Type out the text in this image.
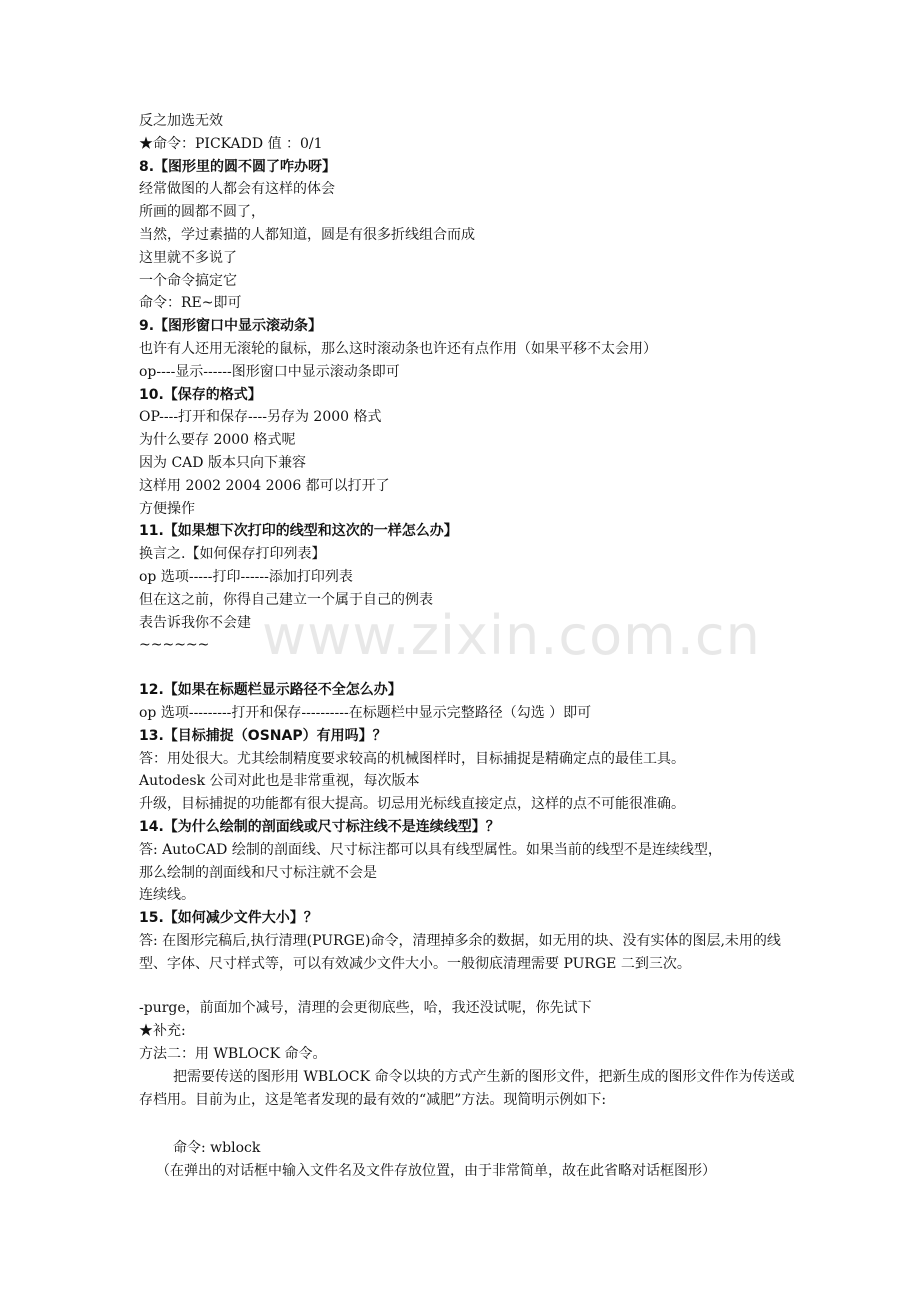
反之加选无效
★命令：PICKADD 值 ：0/1
8.【图形里的圆不圆了咋办呀】
经常做图的人都会有这样的体会
所画的圆都不圆了，
当然，学过素描的人都知道，圆是有很多折线组合而成
这里就不多说了
一个命令搞定它
命令：RE~即可
9.【图形窗口中显示滚动条】
也许有人还用无滚轮的鼠标，那么这时滚动条也许还有点作用（如果平移不太会用）
op----显示------图形窗口中显示滚动条即可
10.【保存的格式】
OP----打开和保存----另存为 2000 格式
为什么要存 2000 格式呢
因为 CAD 版本只向下兼容
这样用 2002 2004 2006 都可以打开了
方便操作
11.【如果想下次打印的线型和这次的一样怎么办】
换言之.【如何保存打印列表】
op 选项-----打印------添加打印列表
但在这之前，你得自己建立一个属于自己的例表
表告诉我你不会建
~~~~~~
12.【如果在标题栏显示路径不全怎么办】
op 选项---------打开和保存----------在标题栏中显示完整路径（勾选 ）即可
13.【目标捕捉（OSNAP）有用吗】？
答：用处很大。尤其绘制精度要求较高的机械图样时，目标捕捉是精确定点的最佳工具。
Autodesk 公司对此也是非常重视，每次版本
升级，目标捕捉的功能都有很大提高。切忌用光标线直接定点，这样的点不可能很准确。
14.【为什么绘制的剖面线或尺寸标注线不是连续线型】？
答: AutoCAD 绘制的剖面线、尺寸标注都可以具有线型属性。如果当前的线型不是连续线型，
那么绘制的剖面线和尺寸标注就不会是
连续线。
15.【如何减少文件大小】？
答: 在图形完稿后,执行清理(PURGE)命令，清理掉多余的数据，如无用的块、没有实体的图层,未用的线型、字体、尺寸样式等，可以有效减少文件大小。一般彻底清理需要 PURGE 二到三次。
-purge，前面加个减号，清理的会更彻底些，哈，我还没试呢，你先试下
★补充:
方法二：用 WBLOCK 命令。
把需要传送的图形用 WBLOCK 命令以块的方式产生新的图形文件，把新生成的图形文件作为传送或存档用。目前为止，这是笔者发现的最有效的“减肥”方法。现简明示例如下:
命令: wblock
（在弹出的对话框中输入文件名及文件存放位置，由于非常简单，故在此省略对话框图形）
www.zixin.com.cn
